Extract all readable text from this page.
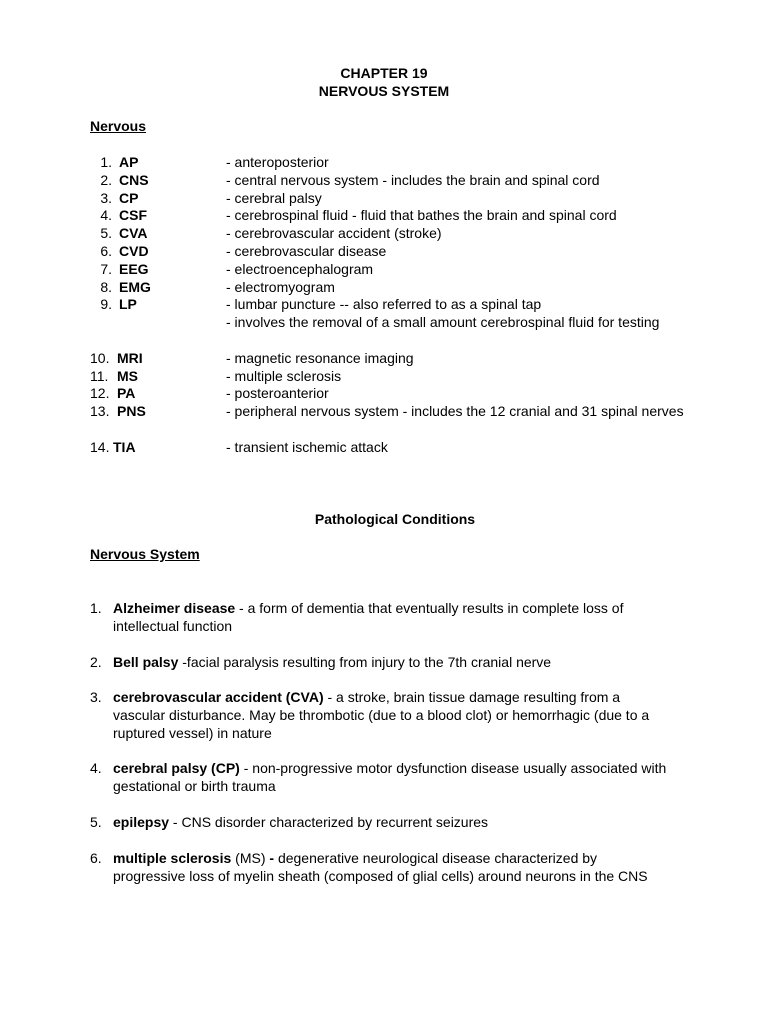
CHAPTER 19
NERVOUS SYSTEM
Nervous
1. AP	- anteroposterior
2. CNS	- central nervous system - includes the brain and spinal cord
3. CP	- cerebral palsy
4. CSF	- cerebrospinal fluid - fluid that bathes the brain and spinal cord
5. CVA	- cerebrovascular accident (stroke)
6. CVD	- cerebrovascular disease
7. EEG	- electroencephalogram
8. EMG	- electromyogram
9. LP	- lumbar puncture -- also referred to as a spinal tap
- involves the removal of a small amount cerebrospinal fluid for testing
10. MRI	- magnetic resonance imaging
11. MS	- multiple sclerosis
12. PA	- posteroanterior
13. PNS	- peripheral nervous system - includes the 12 cranial and 31 spinal nerves
14. TIA	- transient ischemic attack
Pathological Conditions
Nervous System
1. Alzheimer disease - a form of dementia that eventually results in complete loss of intellectual function
2. Bell palsy -facial paralysis resulting from injury to the 7th cranial nerve
3. cerebrovascular accident (CVA) - a stroke, brain tissue damage resulting from a vascular disturbance. May be thrombotic (due to a blood clot) or hemorrhagic (due to a ruptured vessel) in nature
4. cerebral palsy (CP) - non-progressive motor dysfunction disease usually associated with gestational or birth trauma
5. epilepsy - CNS disorder characterized by recurrent seizures
6. multiple sclerosis (MS) - degenerative neurological disease characterized by progressive loss of myelin sheath (composed of glial cells) around neurons in the CNS
